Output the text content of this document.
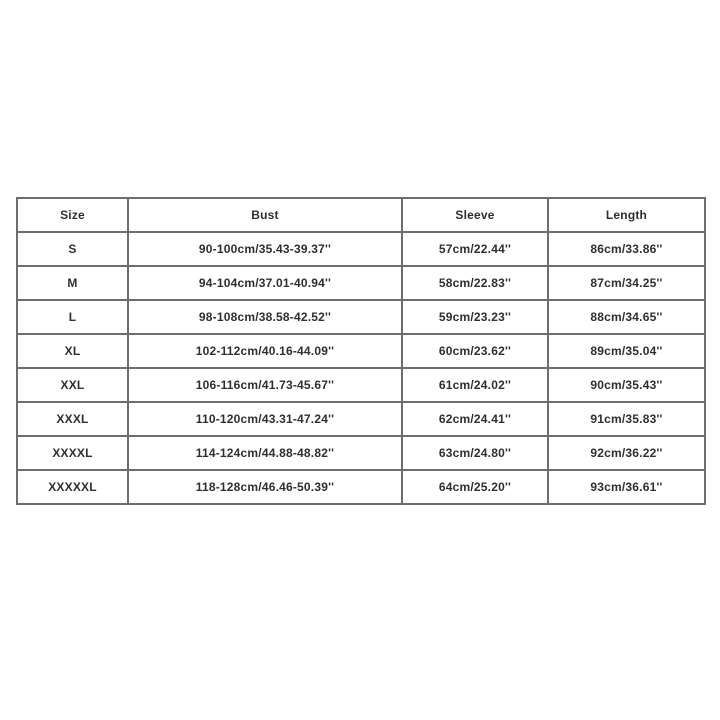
Size	Bust	Sleeve	Length
S	90-100cm/35.43-39.37''	57cm/22.44''	86cm/33.86''
M	94-104cm/37.01-40.94''	58cm/22.83''	87cm/34.25''
L	98-108cm/38.58-42.52''	59cm/23.23''	88cm/34.65''
XL	102-112cm/40.16-44.09''	60cm/23.62''	89cm/35.04''
XXL	106-116cm/41.73-45.67''	61cm/24.02''	90cm/35.43''
XXXL	110-120cm/43.31-47.24''	62cm/24.41''	91cm/35.83''
XXXXL	114-124cm/44.88-48.82''	63cm/24.80''	92cm/36.22''
XXXXXL	118-128cm/46.46-50.39''	64cm/25.20''	93cm/36.61''
